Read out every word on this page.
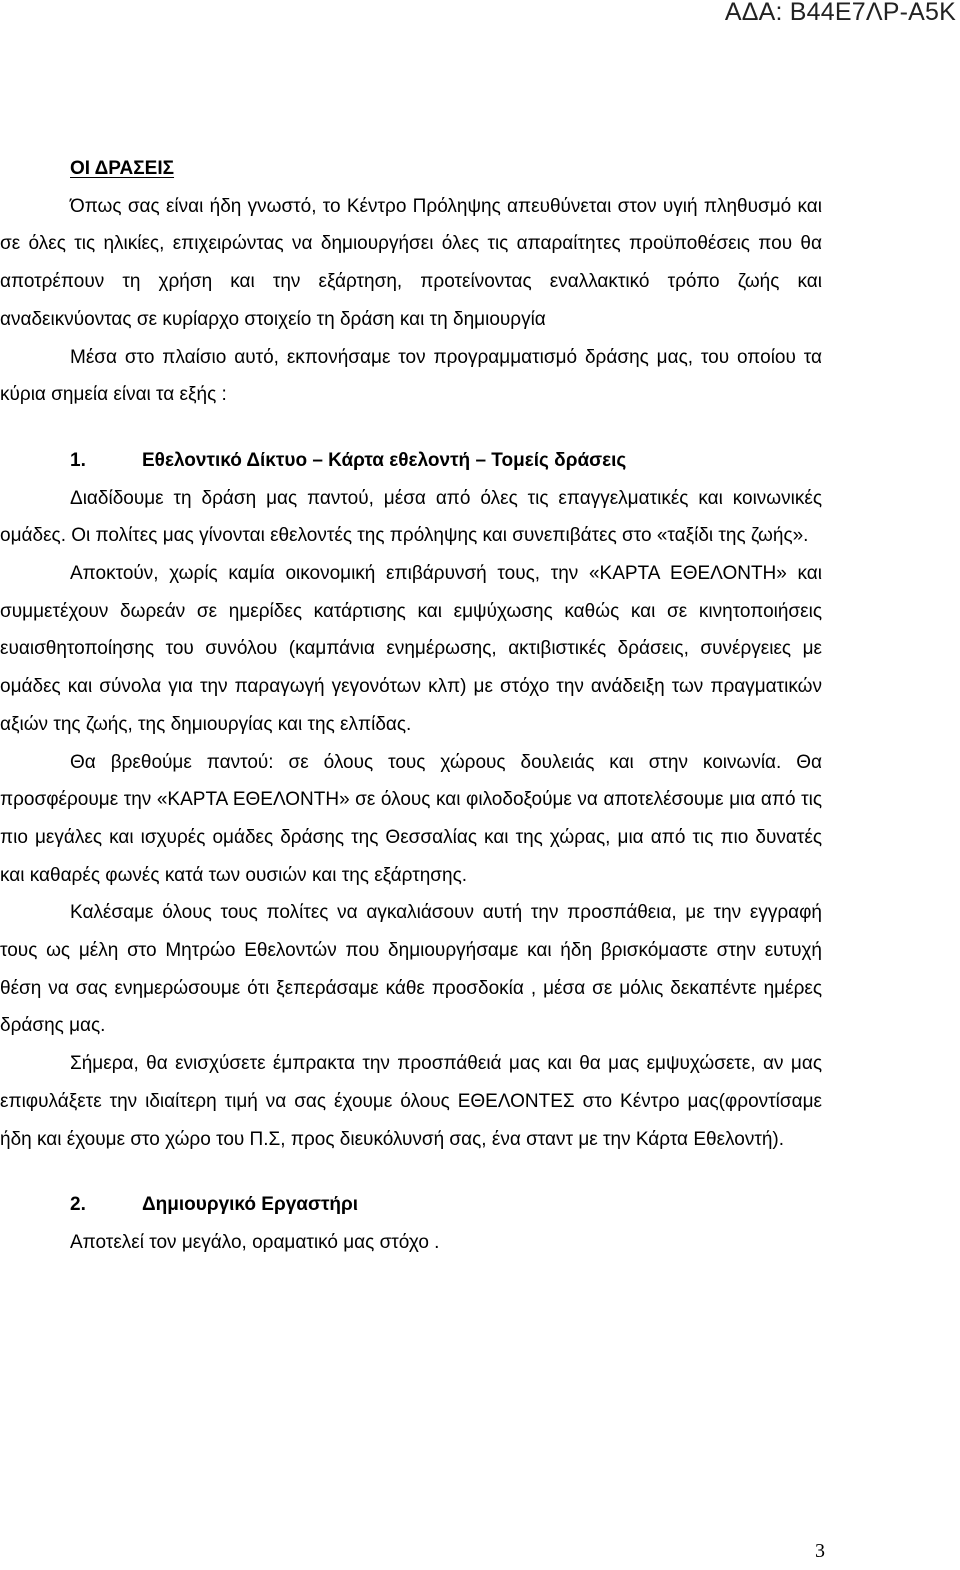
ΑΔΑ: Β44Ε7ΛΡ-Α5Κ

ΟΙ ΔΡΑΣΕΙΣ

Όπως σας είναι ήδη γνωστό, το Κέντρο Πρόληψης απευθύνεται στον υγιή πληθυσμό και σε όλες τις ηλικίες, επιχειρώντας να δημιουργήσει όλες τις απαραίτητες προϋποθέσεις που θα αποτρέπουν τη χρήση και την εξάρτηση, προτείνοντας εναλλακτικό τρόπο ζωής και αναδεικνύοντας σε κυρίαρχο στοιχείο τη δράση και τη δημιουργία

Μέσα στο πλαίσιο αυτό, εκπονήσαμε τον προγραμματισμό δράσης μας, του οποίου τα κύρια σημεία είναι τα εξής :

1.	Εθελοντικό Δίκτυο – Κάρτα εθελοντή – Τομείς δράσεις

Διαδίδουμε τη δράση μας παντού, μέσα από όλες τις επαγγελματικές και κοινωνικές ομάδες. Οι πολίτες μας γίνονται εθελοντές της πρόληψης και συνεπιβάτες στο «ταξίδι της ζωής».

Αποκτούν, χωρίς καμία οικονομική επιβάρυνσή τους, την «ΚΑΡΤΑ ΕΘΕΛΟΝΤΗ» και συμμετέχουν δωρεάν σε ημερίδες κατάρτισης και εμψύχωσης καθώς και σε κινητοποιήσεις ευαισθητοποίησης του συνόλου (καμπάνια ενημέρωσης, ακτιβιστικές δράσεις, συνέργειες με ομάδες και σύνολα για την παραγωγή γεγονότων κλπ) με στόχο την ανάδειξη των πραγματικών αξιών της ζωής, της δημιουργίας και της ελπίδας.

Θα βρεθούμε παντού: σε όλους τους χώρους δουλειάς και στην κοινωνία. Θα προσφέρουμε την «ΚΑΡΤΑ ΕΘΕΛΟΝΤΗ» σε όλους και φιλοδοξούμε να αποτελέσουμε μια από τις πιο μεγάλες και ισχυρές ομάδες δράσης της Θεσσαλίας και της χώρας, μια από τις πιο δυνατές και καθαρές φωνές κατά των ουσιών και της εξάρτησης.

Καλέσαμε όλους τους πολίτες να αγκαλιάσουν αυτή την προσπάθεια, με την εγγραφή τους ως μέλη στο Μητρώο Εθελοντών που δημιουργήσαμε και ήδη βρισκόμαστε στην ευτυχή θέση να σας ενημερώσουμε ότι ξεπεράσαμε κάθε προσδοκία , μέσα σε μόλις δεκαπέντε ημέρες δράσης μας.

Σήμερα, θα ενισχύσετε έμπρακτα την προσπάθειά μας και θα μας εμψυχώσετε, αν μας επιφυλάξετε την ιδιαίτερη τιμή να σας έχουμε όλους ΕΘΕΛΟΝΤΕΣ στο Κέντρο μας(φροντίσαμε ήδη και έχουμε στο χώρο του Π.Σ, προς διευκόλυνσή σας, ένα σταντ με την Κάρτα Εθελοντή).

2.	Δημιουργικό Εργαστήρι

Αποτελεί τον μεγάλο, οραματικό μας στόχο .

3
